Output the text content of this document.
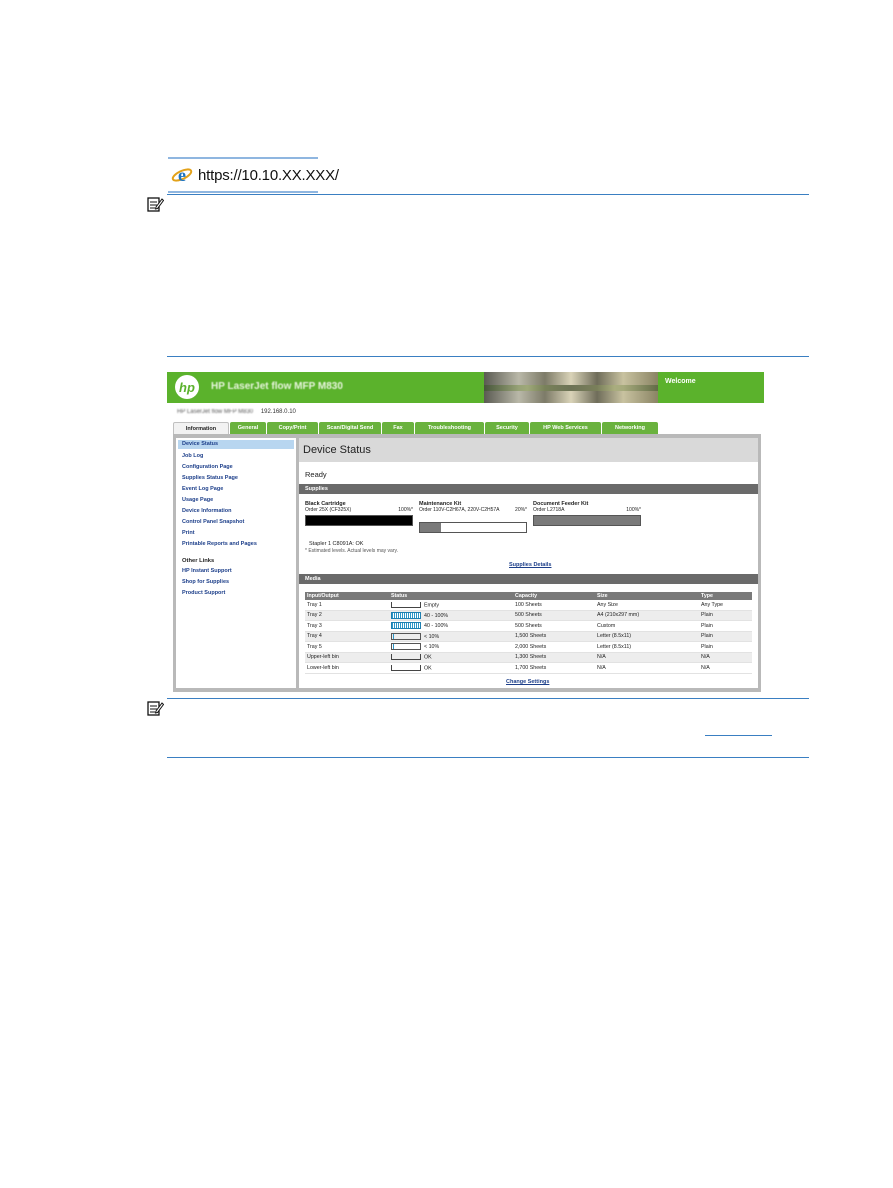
e https://10.10.XX.XXX/
hp	HP LaserJet flow MFP M830	Welcome
HP LaserJet flow MFP M830 192.168.0.10
Information	General	Copy/Print	Scan/Digital Send	Fax	Troubleshooting	Security	HP Web Services	Networking
Device Status
Job Log
Configuration Page
Supplies Status Page
Event Log Page
Usage Page
Device Information
Control Panel Snapshot
Print
Printable Reports and Pages
Other Links
HP Instant Support
Shop for Supplies
Product Support
Device Status
Ready
Supplies
Black Cartridge
Order 25X (CF325X)	100%*
Maintenance Kit
Order 110V-C2H67A, 220V-C2H57A	20%*
Document Feeder Kit
Order L2718A	100%*
Stapler 1 C8091A: OK
* Estimated levels. Actual levels may vary.
Supplies Details
Media
Input/Output	Status	Capacity	Size	Type
Tray 1	Empty	100 Sheets	Any Size	Any Type
Tray 2	40 - 100%	500 Sheets	A4 (210x297 mm)	Plain
Tray 3	40 - 100%	500 Sheets	Custom	Plain
Tray 4	< 10%	1,500 Sheets	Letter (8.5x11)	Plain
Tray 5	< 10%	2,000 Sheets	Letter (8.5x11)	Plain
Upper-left bin	OK	1,300 Sheets	N/A	N/A
Lower-left bin	OK	1,700 Sheets	N/A	N/A
Change Settings
